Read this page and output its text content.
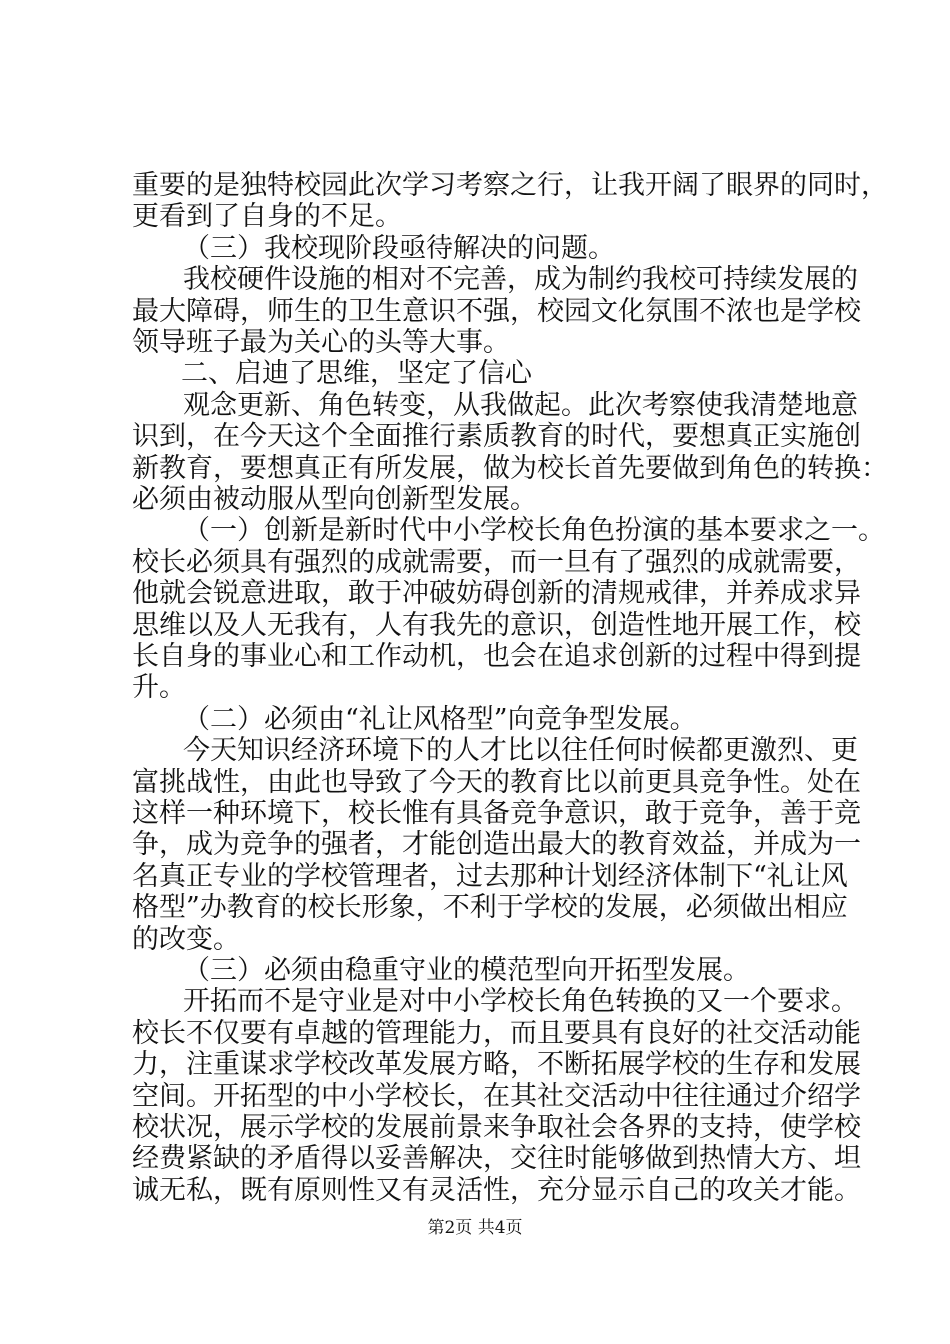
重要的是独特校园此次学习考察之行，让我开阔了眼界的同时，
更看到了自身的不足。
（三）我校现阶段亟待解决的问题。
我校硬件设施的相对不完善，成为制约我校可持续发展的
最大障碍，师生的卫生意识不强，校园文化氛围不浓也是学校
领导班子最为关心的头等大事。
二、启迪了思维，坚定了信心
观念更新、角色转变，从我做起。此次考察使我清楚地意
识到，在今天这个全面推行素质教育的时代，要想真正实施创
新教育，要想真正有所发展，做为校长首先要做到角色的转换：
必须由被动服从型向创新型发展。
（一）创新是新时代中小学校长角色扮演的基本要求之一。
校长必须具有强烈的成就需要，而一旦有了强烈的成就需要，
他就会锐意进取，敢于冲破妨碍创新的清规戒律，并养成求异
思维以及人无我有，人有我先的意识，创造性地开展工作，校
长自身的事业心和工作动机，也会在追求创新的过程中得到提
升。
（二）必须由“礼让风格型”向竞争型发展。
今天知识经济环境下的人才比以往任何时候都更激烈、更
富挑战性，由此也导致了今天的教育比以前更具竞争性。处在
这样一种环境下，校长惟有具备竞争意识，敢于竞争，善于竞
争，成为竞争的强者，才能创造出最大的教育效益，并成为一
名真正专业的学校管理者，过去那种计划经济体制下“礼让风
格型”办教育的校长形象，不利于学校的发展，必须做出相应
的改变。
（三）必须由稳重守业的模范型向开拓型发展。
开拓而不是守业是对中小学校长角色转换的又一个要求。
校长不仅要有卓越的管理能力，而且要具有良好的社交活动能
力，注重谋求学校改革发展方略，不断拓展学校的生存和发展
空间。开拓型的中小学校长，在其社交活动中往往通过介绍学
校状况，展示学校的发展前景来争取社会各界的支持，使学校
经费紧缺的矛盾得以妥善解决，交往时能够做到热情大方、坦
诚无私，既有原则性又有灵活性，充分显示自己的攻关才能。
第2页 共4页
